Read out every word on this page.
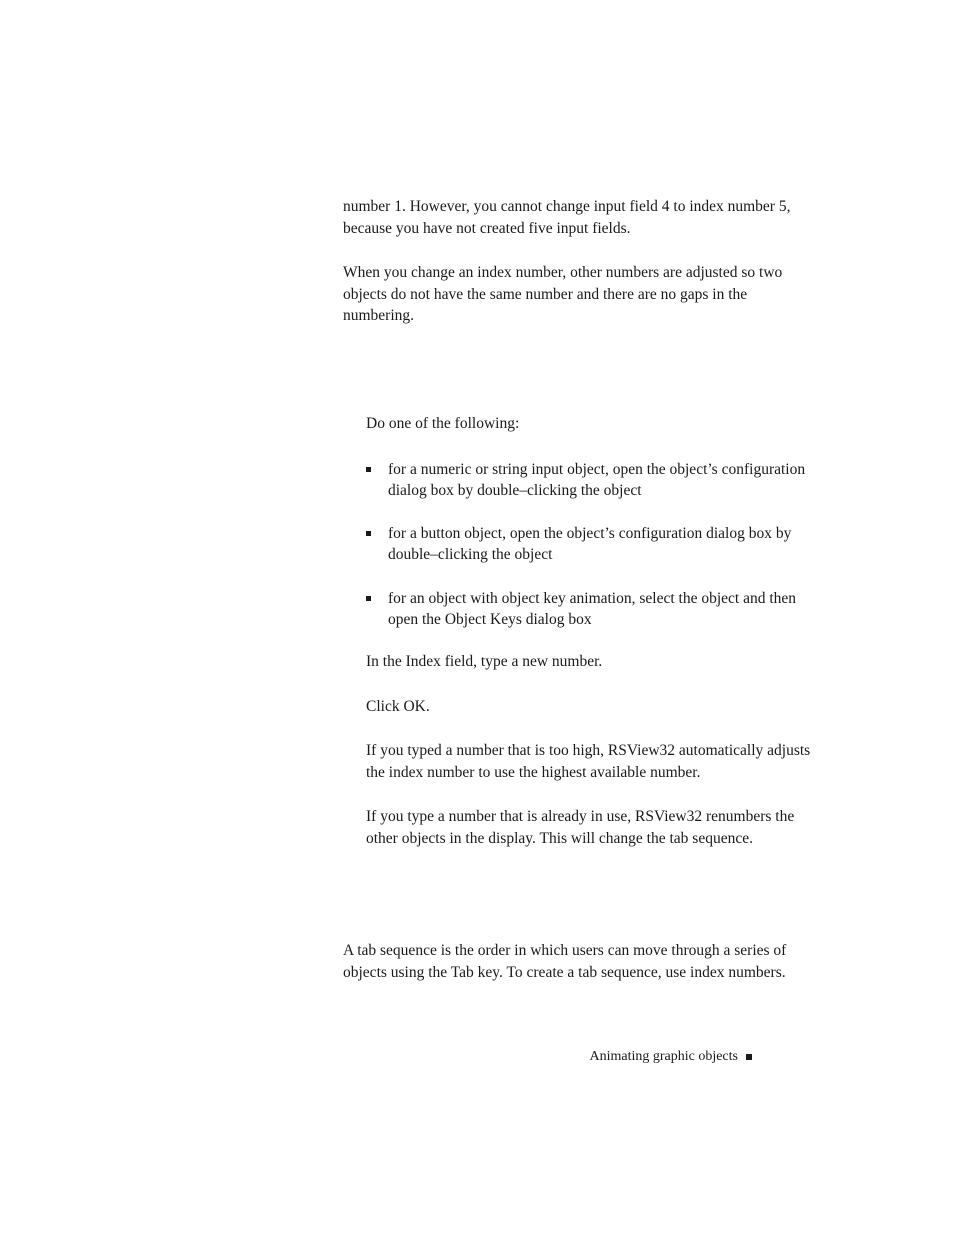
number 1. However, you cannot change input field 4 to index number 5, because you have not created five input fields.

When you change an index number, other numbers are adjusted so two objects do not have the same number and there are no gaps in the numbering.

Do one of the following:

for a numeric or string input object, open the object’s configuration dialog box by double–clicking the object
for a button object, open the object’s configuration dialog box by double–clicking the object
for an object with object key animation, select the object and then open the Object Keys dialog box

In the Index field, type a new number.

Click OK.

If you typed a number that is too high, RSView32 automatically adjusts the index number to use the highest available number.

If you type a number that is already in use, RSView32 renumbers the other objects in the display. This will change the tab sequence.

A tab sequence is the order in which users can move through a series of objects using the Tab key. To create a tab sequence, use index numbers.

Animating graphic objects
